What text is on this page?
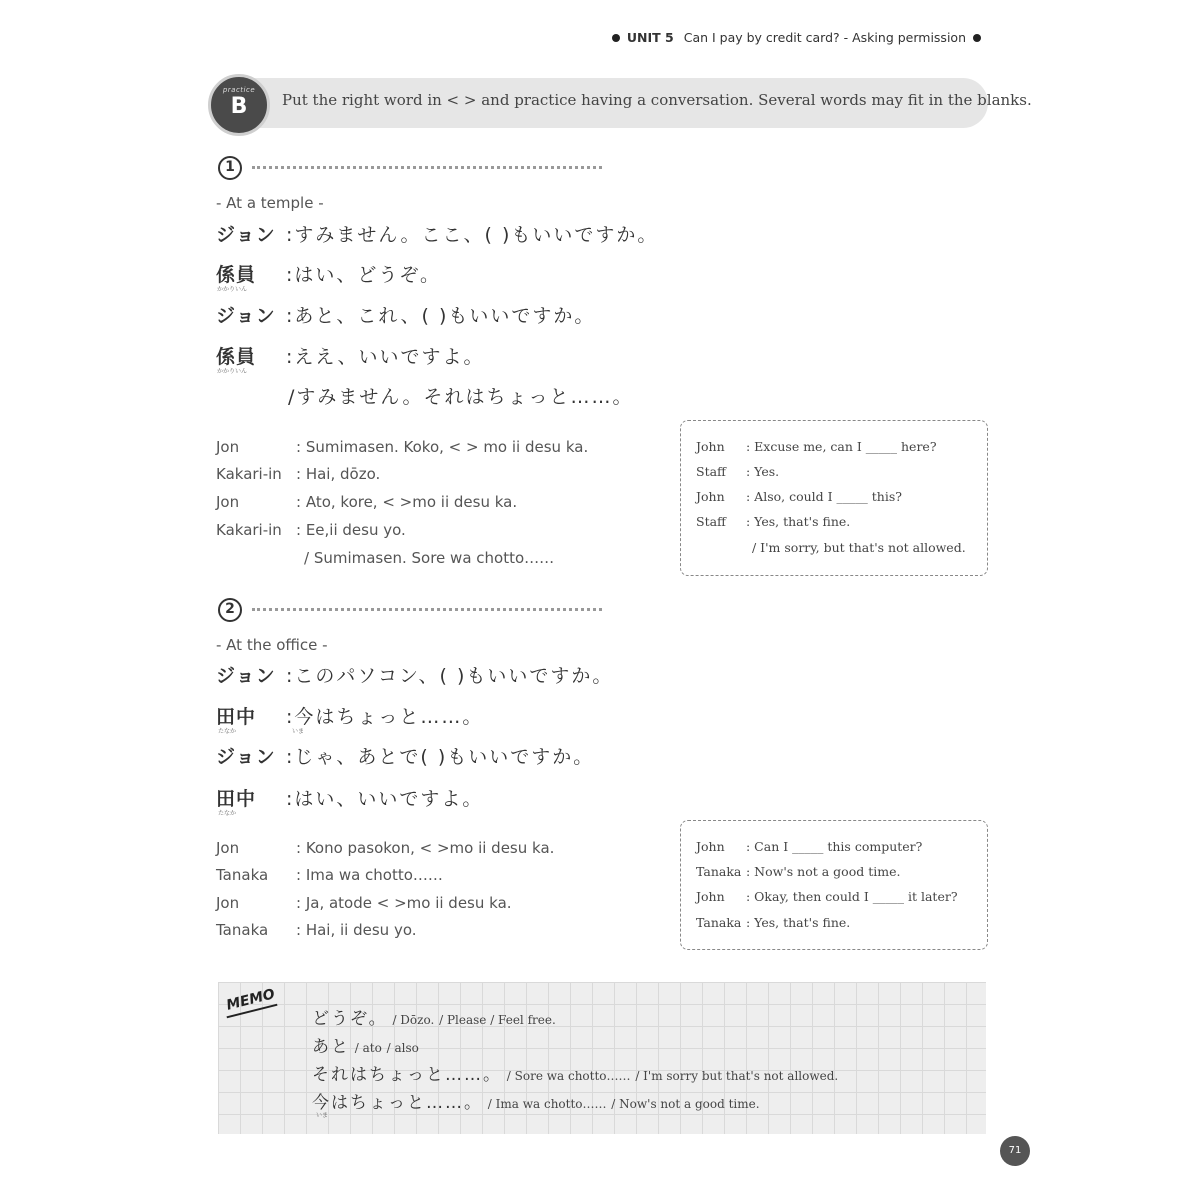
UNIT 5 Can I pay by credit card? - Asking permission
practice
B	Put the right word in < > and practice having a conversation. Several words may fit in the blanks.
1
- At a temple -
ジョン :すみません。ここ、( )もいいですか。
係員 :はい、どうぞ。
かかりいん
ジョン :あと、これ、( )もいいですか。
係員 :ええ、いいですよ。
かかりいん
/すみません。それはちょっと……。
Jon	: Sumimasen. Koko, < > mo ii desu ka.
Kakari-in : Hai, dōzo.
Jon	: Ato, kore, < >mo ii desu ka.
Kakari-in : Ee,ii desu yo.
/ Sumimasen. Sore wa chotto……
John : Excuse me, can I _____ here?
Staff : Yes.
John : Also, could I _____ this?
Staff : Yes, that's fine.
/ I'm sorry, but that's not allowed.
2
- At the office -
ジョン :このパソコン、( )もいいですか。
田中 :今はちょっと……。
たなか	いま
ジョン :じゃ、あとで( )もいいですか。
田中 :はい、いいですよ。
たなか
Jon	: Kono pasokon, < >mo ii desu ka.
Tanaka : Ima wa chotto……
Jon	: Ja, atode < >mo ii desu ka.
Tanaka : Hai, ii desu yo.
John : Can I _____ this computer?
Tanaka : Now's not a good time.
John : Okay, then could I _____ it later?
Tanaka : Yes, that's fine.
MEMO
どうぞ。 / Dōzo. / Please / Feel free.
あと / ato / also
それはちょっと……。 / Sore wa chotto…… / I'm sorry but that's not allowed.
今はちょっと……。 / Ima wa chotto…… / Now's not a good time.
いま
71
